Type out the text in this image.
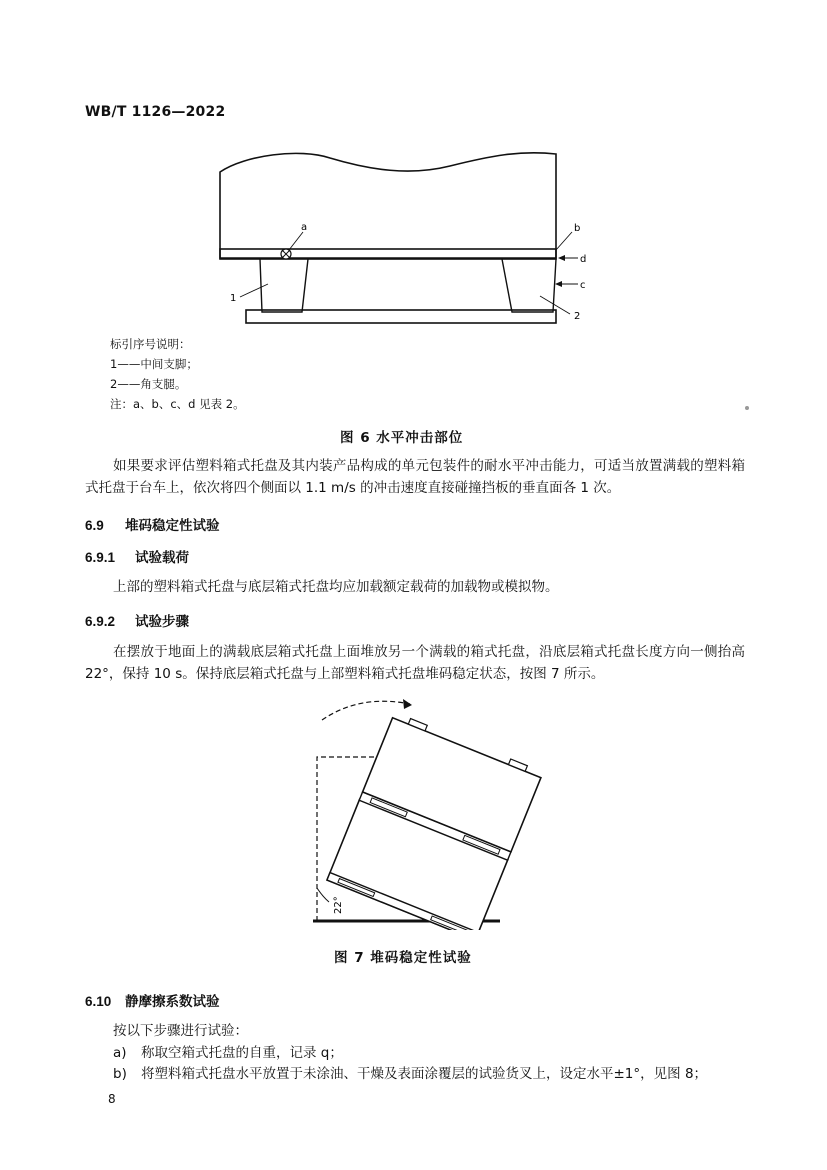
WB/T 1126—2022
a	b
d
c
1
2
标引序号说明：
1——中间支脚；
2——角支腿。
注：a、b、c、d 见表 2。
图 6 水平冲击部位
如果要求评估塑料箱式托盘及其内装产品构成的单元包装件的耐水平冲击能力，可适当放置满载的塑料箱式托盘于台车上，依次将四个侧面以 1.1 m/s 的冲击速度直接碰撞挡板的垂直面各 1 次。
6.9 堆码稳定性试验
6.9.1 试验载荷
上部的塑料箱式托盘与底层箱式托盘均应加载额定载荷的加载物或模拟物。
6.9.2 试验步骤
在摆放于地面上的满载底层箱式托盘上面堆放另一个满载的箱式托盘，沿底层箱式托盘长度方向一侧抬高 22°，保持 10 s。保持底层箱式托盘与上部塑料箱式托盘堆码稳定状态，按图 7 所示。
22°
图 7 堆码稳定性试验
6.10 静摩擦系数试验
按以下步骤进行试验：
a) 称取空箱式托盘的自重，记录 q；
b) 将塑料箱式托盘水平放置于未涂油、干燥及表面涂覆层的试验货叉上，设定水平±1°，见图 8；
8
